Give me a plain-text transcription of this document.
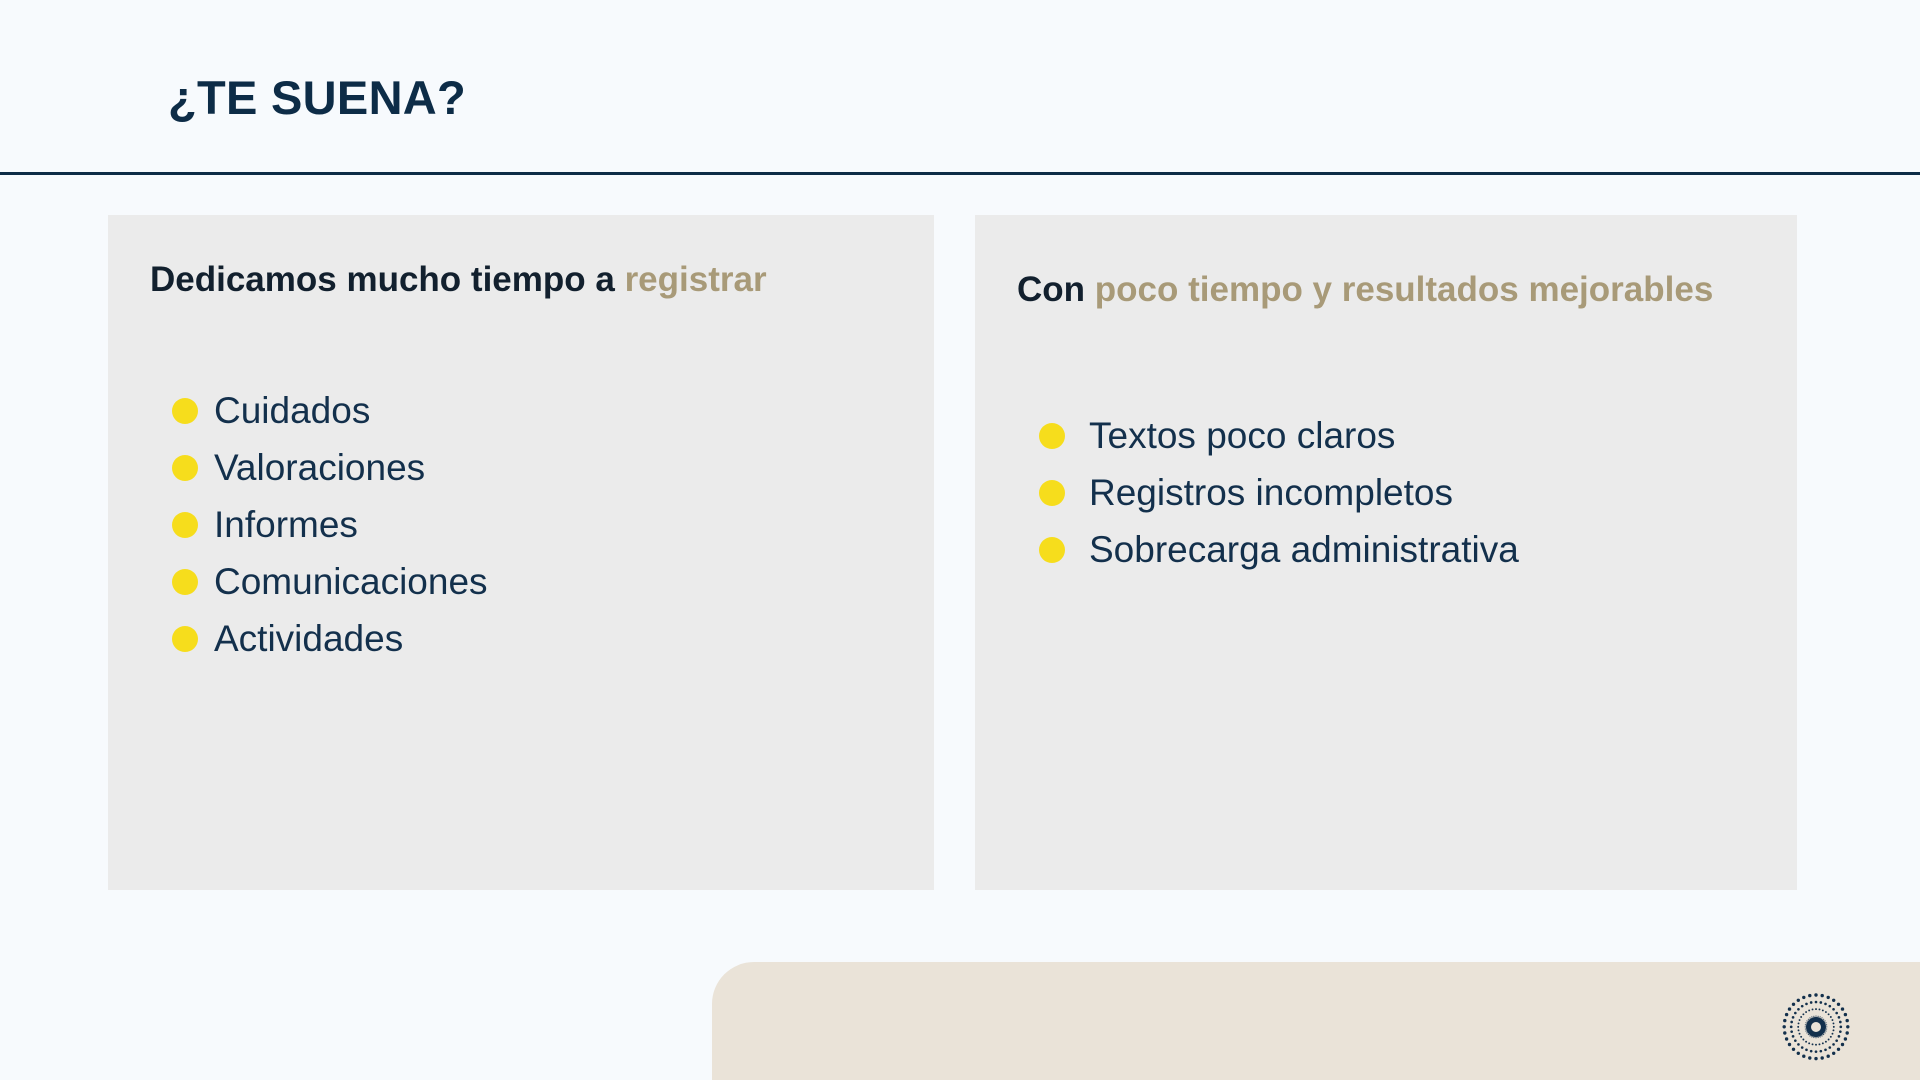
¿TE SUENA?

Dedicamos mucho tiempo a registrar

Cuidados
Valoraciones
Informes
Comunicaciones
Actividades

Con poco tiempo y resultados mejorables

Textos poco claros
Registros incompletos
Sobrecarga administrativa
